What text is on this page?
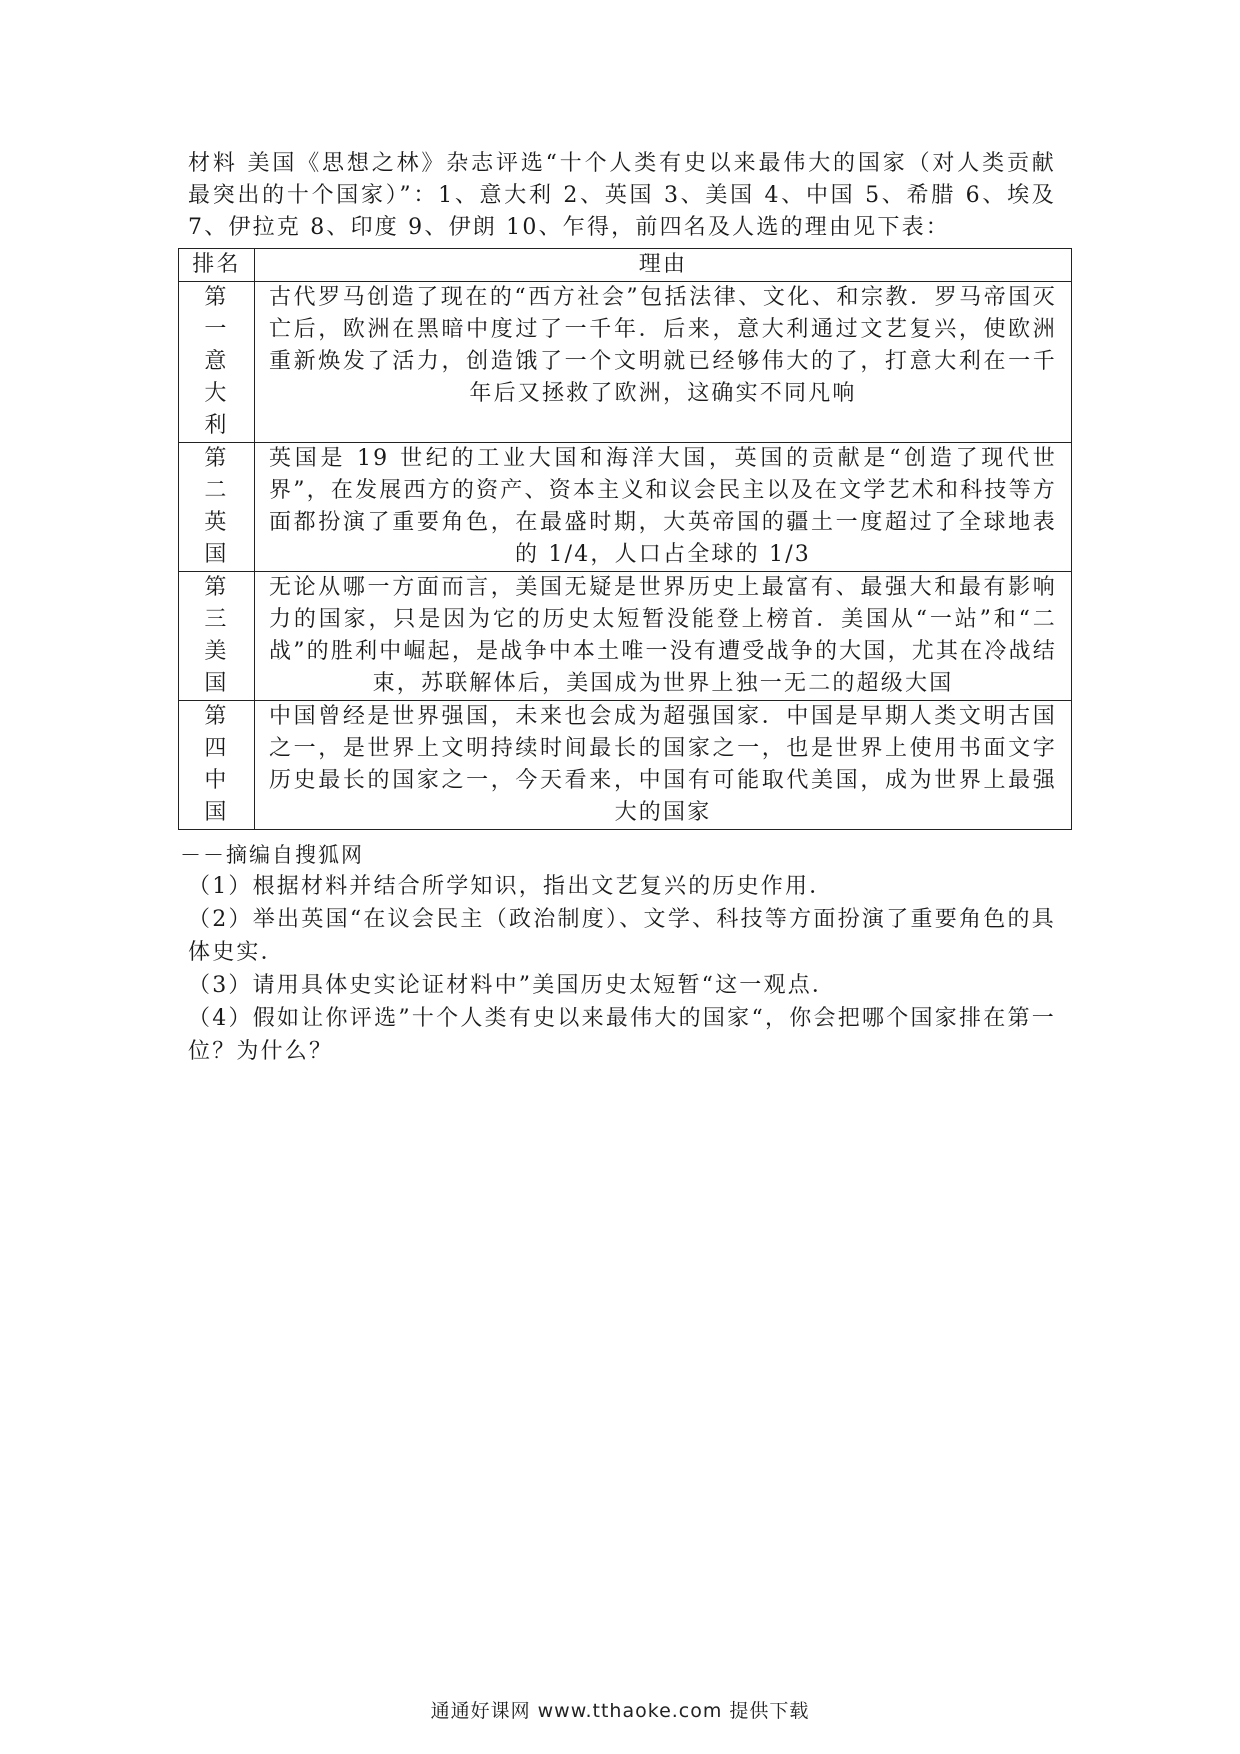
材料 美国《思想之林》杂志评选“十个人类有史以来最伟大的国家（对人类贡献最突出的十个国家）”：1、意大利 2、英国 3、美国 4、中国 5、希腊 6、埃及 7、伊拉克 8、印度 9、伊朗 10、乍得，前四名及人选的理由见下表：

排名	理由
第一意大利	古代罗马创造了现在的“西方社会”包括法律、文化、和宗教．罗马帝国灭亡后，欧洲在黑暗中度过了一千年．后来，意大利通过文艺复兴，使欧洲重新焕发了活力，创造饿了一个文明就已经够伟大的了，打意大利在一千年后又拯救了欧洲，这确实不同凡响

第二英国	英国是 19 世纪的工业大国和海洋大国，英国的贡献是“创造了现代世界”，在发展西方的资产、资本主义和议会民主以及在文学艺术和科技等方面都扮演了重要角色，在最盛时期，大英帝国的疆土一度超过了全球地表的 1/4，人口占全球的 1/3

第三美国	无论从哪一方面而言，美国无疑是世界历史上最富有、最强大和最有影响力的国家，只是因为它的历史太短暂没能登上榜首．美国从“一站”和“二战”的胜利中崛起，是战争中本土唯一没有遭受战争的大国，尤其在冷战结束，苏联解体后，美国成为世界上独一无二的超级大国

第四中国	中国曾经是世界强国，未来也会成为超强国家．中国是早期人类文明古国之一，是世界上文明持续时间最长的国家之一，也是世界上使用书面文字历史最长的国家之一，今天看来，中国有可能取代美国，成为世界上最强大的国家

－－摘编自搜狐网

（1）根据材料并结合所学知识，指出文艺复兴的历史作用．

（2）举出英国“在议会民主（政治制度）、文学、科技等方面扮演了重要角色的具体史实．

（3）请用具体史实论证材料中”美国历史太短暂“这一观点．

（4）假如让你评选”十个人类有史以来最伟大的国家“，你会把哪个国家排在第一位？为什么？

通通好课网 www.tthaoke.com 提供下载
